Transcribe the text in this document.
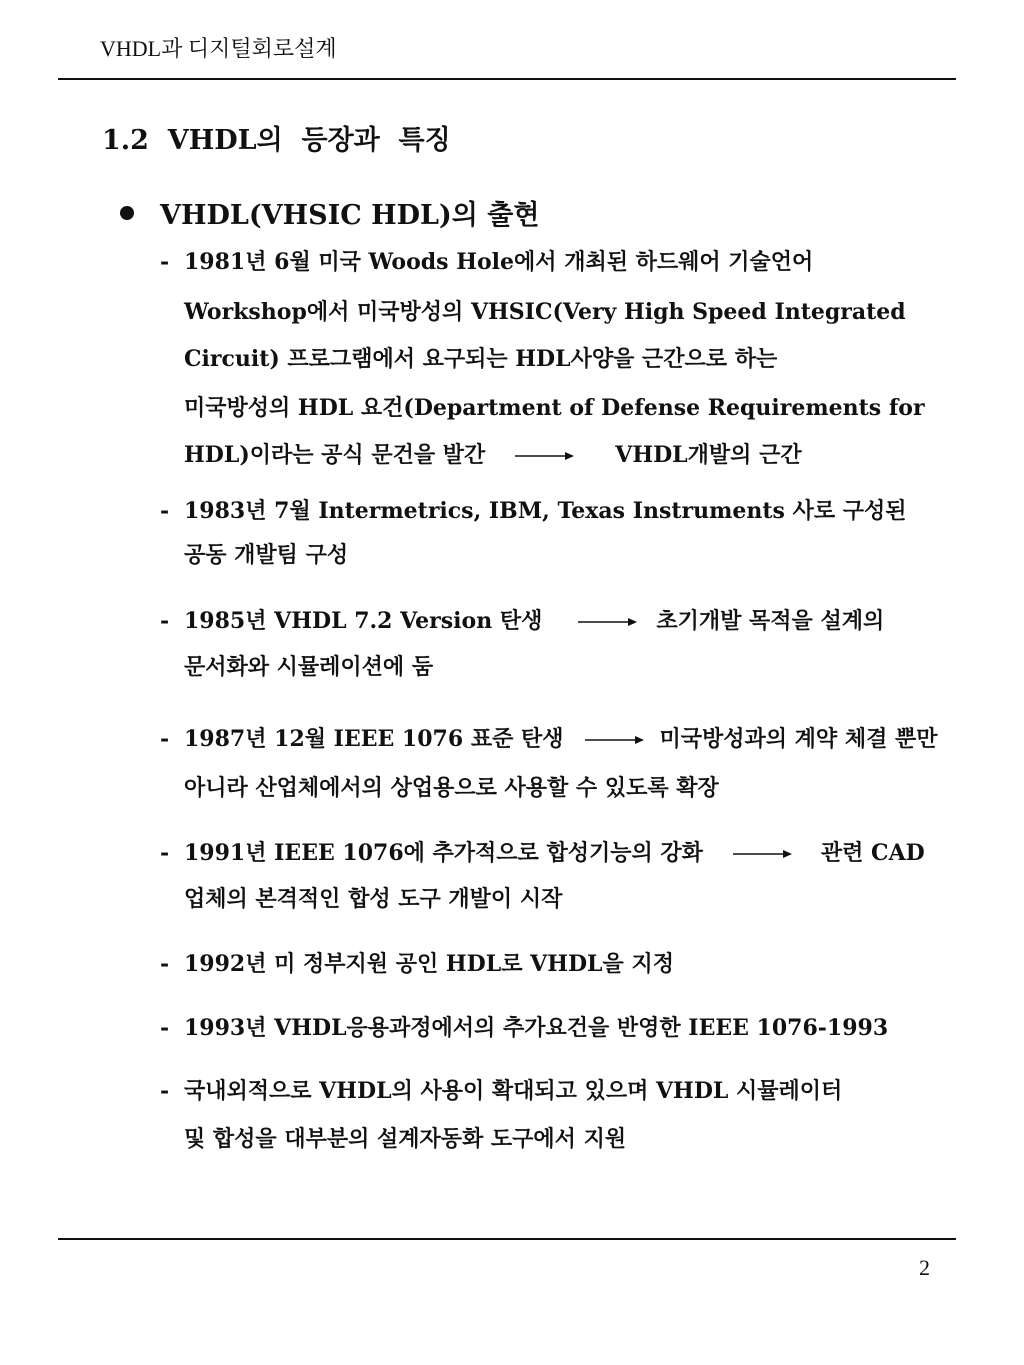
VHDL과 디지털회로설계
1.2  VHDL의  등장과  특징
VHDL(VHSIC HDL)의 출현
- 1981년 6월 미국 Woods Hole에서 개최된 하드웨어 기술언어
Workshop에서 미국방성의 VHSIC(Very High Speed Integrated
Circuit) 프로그램에서 요구되는 HDL사양을 근간으로 하는
미국방성의 HDL 요건(Department of Defense Requirements for
HDL)이라는 공식 문건을 발간	VHDL개발의 근간
- 1983년 7월 Intermetrics, IBM, Texas Instruments 사로 구성된
공동 개발팀 구성
- 1985년 VHDL 7.2 Version 탄생	초기개발 목적을 설계의
문서화와 시뮬레이션에 둠
- 1987년 12월 IEEE 1076 표준 탄생	미국방성과의 계약 체결 뿐만
아니라 산업체에서의 상업용으로 사용할 수 있도록 확장
- 1991년 IEEE 1076에 추가적으로 합성기능의 강화	관련 CAD
업체의 본격적인 합성 도구 개발이 시작
- 1992년 미 정부지원 공인 HDL로 VHDL을 지정
- 1993년 VHDL응용과정에서의 추가요건을 반영한 IEEE 1076-1993
- 국내외적으로 VHDL의 사용이 확대되고 있으며 VHDL 시뮬레이터
및 합성을 대부분의 설계자동화 도구에서 지원
2
